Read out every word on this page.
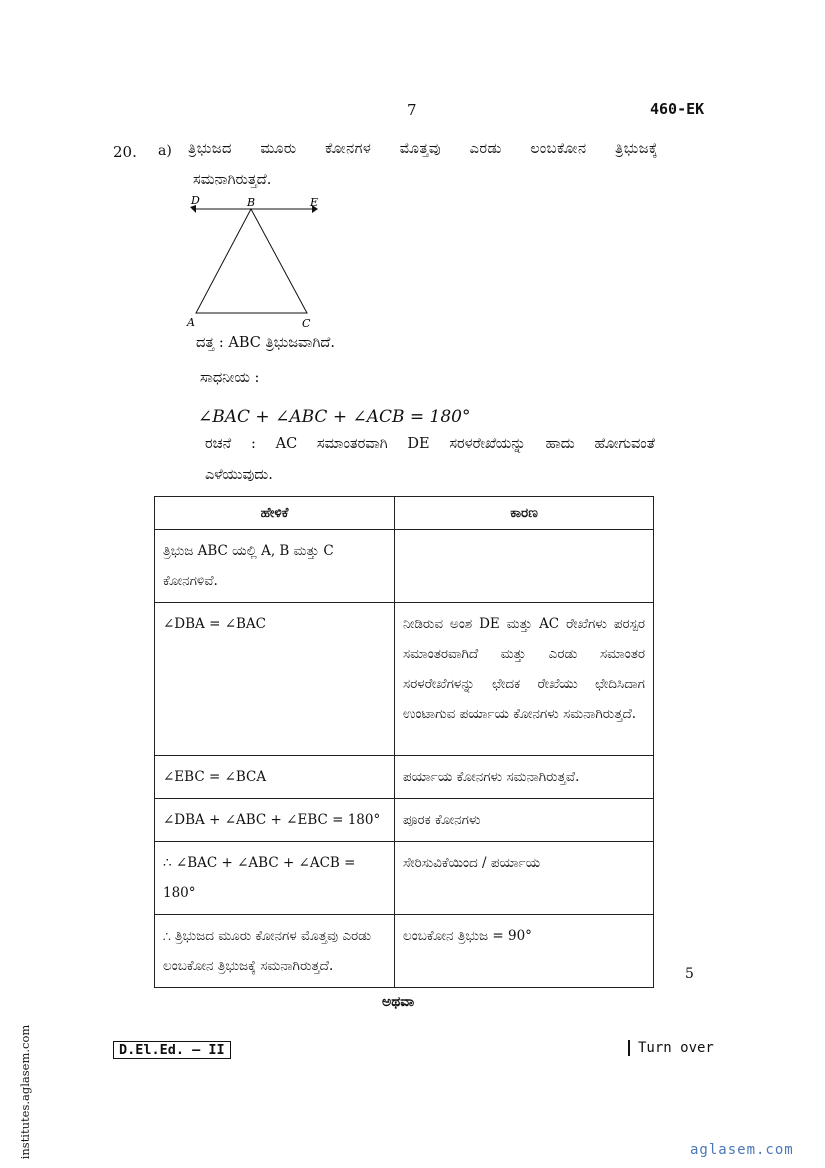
7	460-EK
20. a) ತ್ರಿಭುಜದ ಮೂರು ಕೋನಗಳ ಮೊತ್ತವು ಎರಡು ಲಂಬಕೋನ ತ್ರಿಭುಜಕ್ಕೆ
ಸಮನಾಗಿರುತ್ತದೆ.
D	B	E
A	C
ದತ್ತ : ABC ತ್ರಿಭುಜವಾಗಿದೆ.
ಸಾಧನೀಯ :
∠BAC + ∠ABC + ∠ACB = 180°
ರಚನೆ : AC ಸಮಾಂತರವಾಗಿ DE ಸರಳರೇಖೆಯನ್ನು ಹಾದು ಹೋಗುವಂತೆ
ಎಳೆಯುವುದು.
ಹೇಳಿಕೆ	ಕಾರಣ
ತ್ರಿಭುಜ ABC ಯಲ್ಲಿ A, B ಮತ್ತು C ಕೋನಗಳಿವೆ.	
∠DBA = ∠BAC	ನೀಡಿರುವ ಅಂಶ DE ಮತ್ತು AC ರೇಖೆಗಳು ಪರಸ್ಪರ ಸಮಾಂತರವಾಗಿದೆ ಮತ್ತು ಎರಡು ಸಮಾಂತರ ಸರಳರೇಖೆಗಳನ್ನು ಛೇದಕ ರೇಖೆಯು ಛೇದಿಸಿದಾಗ ಉಂಟಾಗುವ ಪರ್ಯಾಯ ಕೋನಗಳು ಸಮನಾಗಿರುತ್ತದೆ.
∠EBC = ∠BCA	ಪರ್ಯಾಯ ಕೋನಗಳು ಸಮನಾಗಿರುತ್ತವೆ.
∠DBA + ∠ABC + ∠EBC = 180°	ಪೂರಕ ಕೋನಗಳು
∴ ∠BAC + ∠ABC + ∠ACB = 180°	ಸೇರಿಸುವಿಕೆಯಿಂದ / ಪರ್ಯಾಯ
∴ ತ್ರಿಭುಜದ ಮೂರು ಕೋನಗಳ ಮೊತ್ತವು ಎರಡು ಲಂಬಕೋನ ತ್ರಿಭುಜಕ್ಕೆ ಸಮನಾಗಿರುತ್ತದೆ.	ಲಂಬಕೋನ ತ್ರಿಭುಜ = 90°
5
ಅಥವಾ
D.El.Ed. – II	Turn over
institutes.aglasem.com	aglasem.com
